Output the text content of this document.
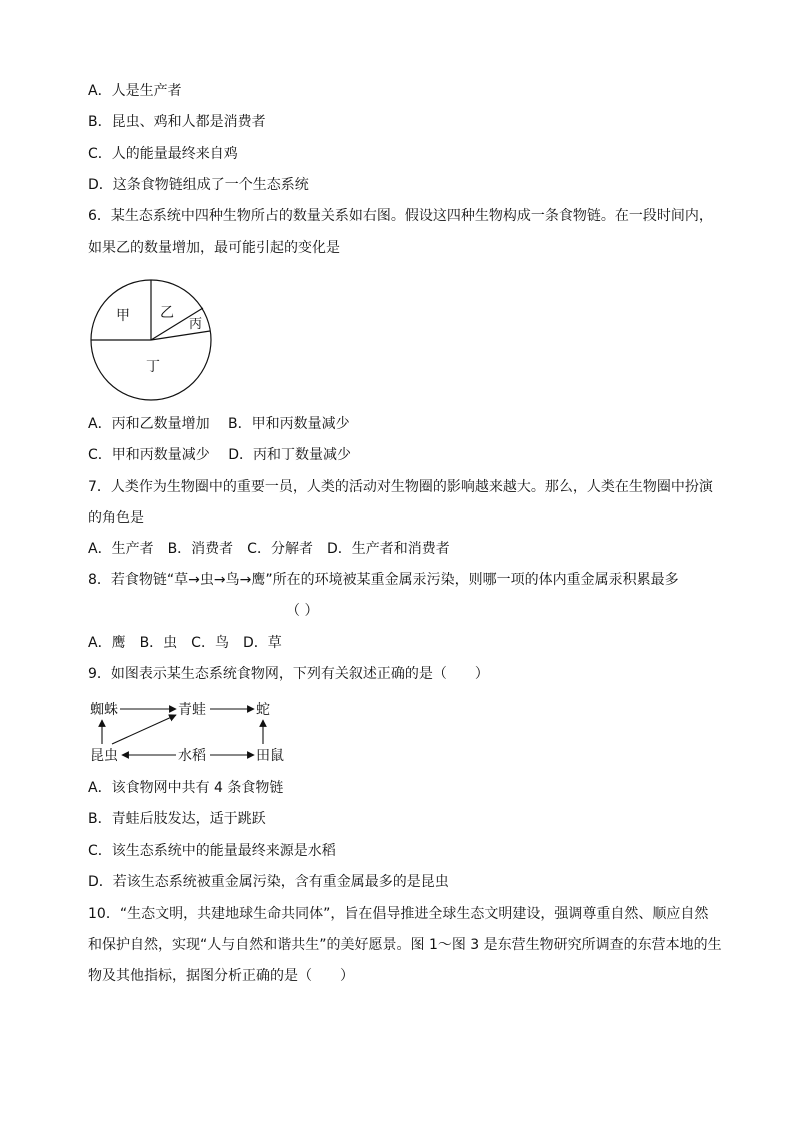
A．人是生产者
B．昆虫、鸡和人都是消费者
C．人的能量最终来自鸡
D．这条食物链组成了一个生态系统
6．某生态系统中四种生物所占的数量关系如右图。假设这四种生物构成一条食物链。在一段时间内，
如果乙的数量增加，最可能引起的变化是
甲 乙
丙
丁
A．丙和乙数量增加　 B．甲和丙数量减少
C．甲和丙数量减少　 D．丙和丁数量减少
7．人类作为生物圈中的重要一员，人类的活动对生物圈的影响越来越大。那么，人类在生物圈中扮演
的角色是
A．生产者　B．消费者　C．分解者　D．生产者和消费者
8．若食物链“草→虫→鸟→鹰”所在的环境被某重金属汞污染，则哪一项的体内重金属汞积累最多
（ ）
A．鹰　B．虫　C．鸟　D．草
9．如图表示某生态系统食物网，下列有关叙述正确的是（　　）
蜘蛛	青蛙	蛇
昆虫	水稻	田鼠
A．该食物网中共有 4 条食物链
B．青蛙后肢发达，适于跳跃
C．该生态系统中的能量最终来源是水稻
D．若该生态系统被重金属污染，含有重金属最多的是昆虫
10．“生态文明，共建地球生命共同体”，旨在倡导推进全球生态文明建设，强调尊重自然、顺应自然
和保护自然，实现“人与自然和谐共生”的美好愿景。图 1～图 3 是东营生物研究所调查的东营本地的生
物及其他指标，据图分析正确的是（　　）
